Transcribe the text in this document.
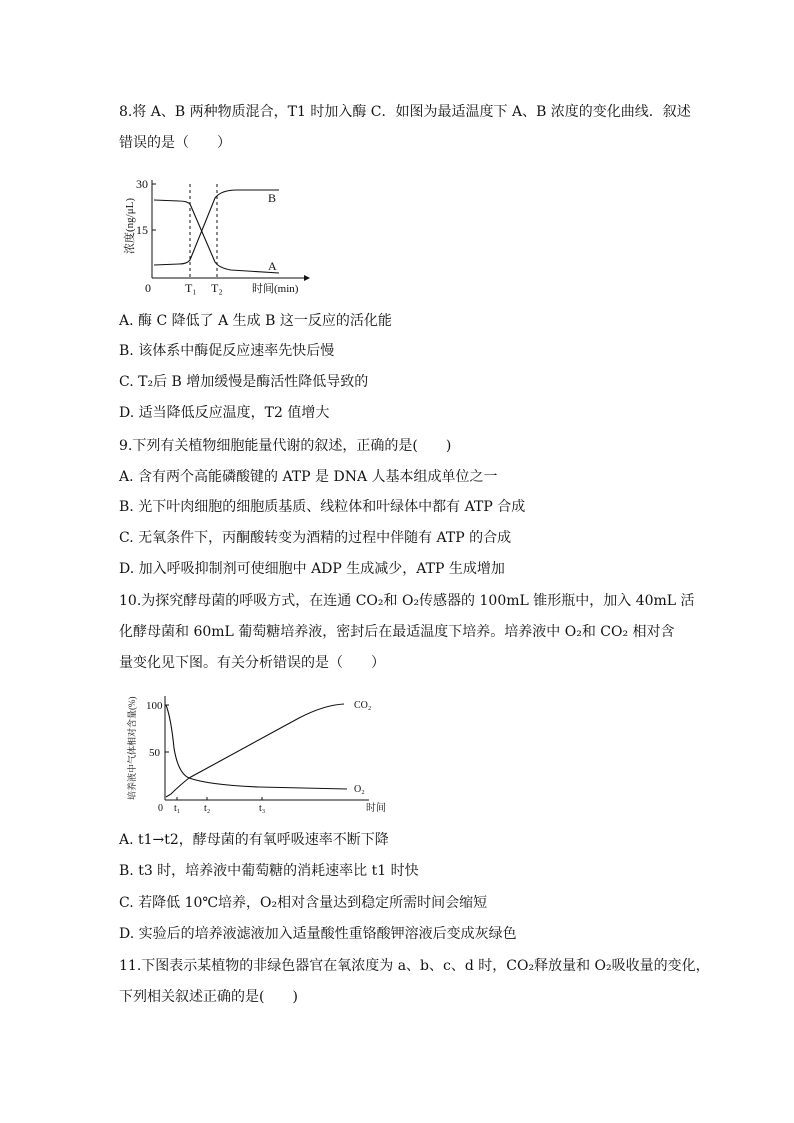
8.将 A、B 两种物质混合，T1 时加入酶 C．如图为最适温度下 A、B 浓度的变化曲线．叙述
错误的是（　　）
30
15
0
浓度(ng/μL)
T₁ T₂	时间(min)
B
A
A. 酶 C 降低了 A 生成 B 这一反应的活化能
B. 该体系中酶促反应速率先快后慢
C. T₂后 B 增加缓慢是酶活性降低导致的
D. 适当降低反应温度，T2 值增大
9.下列有关植物细胞能量代谢的叙述，正确的是(　　)
A. 含有两个高能磷酸键的 ATP 是 DNA 人基本组成单位之一
B. 光下叶肉细胞的细胞质基质、线粒体和叶绿体中都有 ATP 合成
C. 无氧条件下，丙酮酸转变为酒精的过程中伴随有 ATP 的合成
D. 加入呼吸抑制剂可使细胞中 ADP 生成减少，ATP 生成增加
10.为探究酵母菌的呼吸方式，在连通 CO₂和 O₂传感器的 100mL 锥形瓶中，加入 40mL 活
化酵母菌和 60mL 葡萄糖培养液，密封后在最适温度下培养。培养液中 O₂和 CO₂ 相对含
量变化见下图。有关分析错误的是（　　）
100
50
0
培养液中气体相对含量(%)
t₁ t₂	t₃	时间
CO₂
O₂
A. t1→t2，酵母菌的有氧呼吸速率不断下降
B. t3 时，培养液中葡萄糖的消耗速率比 t1 时快
C. 若降低 10℃培养，O₂相对含量达到稳定所需时间会缩短
D. 实验后的培养液滤液加入适量酸性重铬酸钾溶液后变成灰绿色
11.下图表示某植物的非绿色器官在氧浓度为 a、b、c、d 时，CO₂释放量和 O₂吸收量的变化，
下列相关叙述正确的是(　　)
